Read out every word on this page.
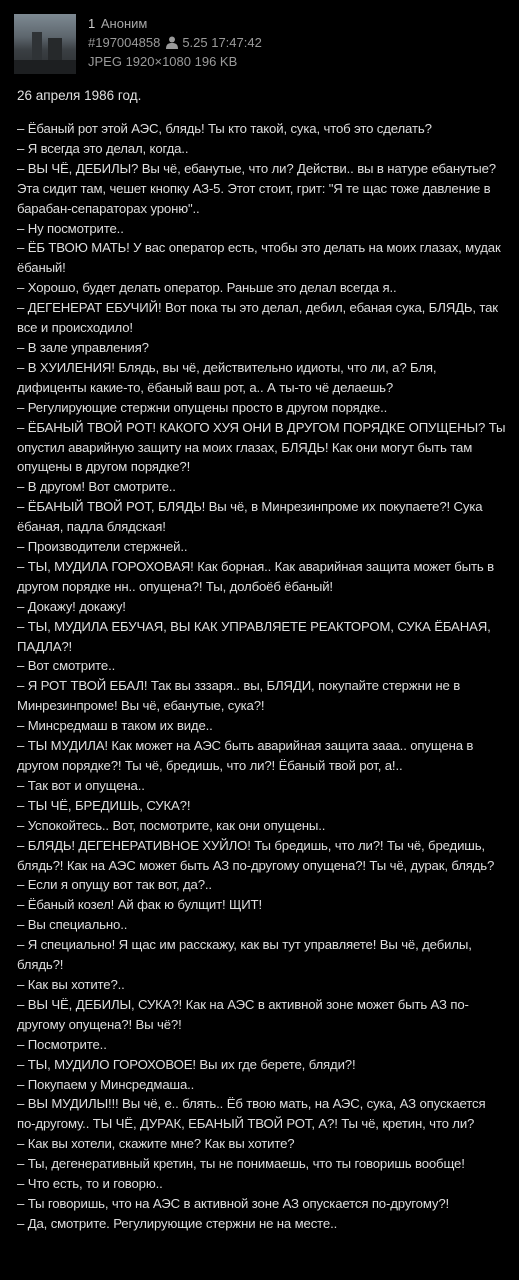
1 Аноним
#197004858 5.25 17:47:42
JPEG 1920×1080 196 KB
26 апреля 1986 год.

– Ёбаный рот этой АЭС, блядь! Ты кто такой, сука, чтоб это сделать?

– Я всегда это делал, когда..

– ВЫ ЧЁ, ДЕБИЛЫ? Вы чё, ебанутые, что ли? Действи.. вы в натуре ебанутые? Эта сидит там, чешет кнопку АЗ-5. Этот стоит, грит: "Я те щас тоже давление в барабан-сепараторах уроню"..

– Ну посмотрите..

– ЁБ ТВОЮ МАТЬ! У вас оператор есть, чтобы это делать на моих глазах, мудак ёбаный!

– Хорошо, будет делать оператор. Раньше это делал всегда я..

– ДЕГЕНЕРАТ ЕБУЧИЙ! Вот пока ты это делал, дебил, ебаная сука, БЛЯДЬ, так все и происходило!

– В зале управления?

– В ХУИЛЕНИЯ! Блядь, вы чё, действительно идиоты, что ли, а? Бля, дифиценты какие-то, ёбаный ваш рот, а.. А ты-то чё делаешь?

– Регулирующие стержни опущены просто в другом порядке..

– ЁБАНЫЙ ТВОЙ РОТ! КАКОГО ХУЯ ОНИ В ДРУГОМ ПОРЯДКЕ ОПУЩЕНЫ? Ты опустил аварийную защиту на моих глазах, БЛЯДЬ! Как они могут быть там опущены в другом порядке?!

– В другом! Вот смотрите..

– ЁБАНЫЙ ТВОЙ РОТ, БЛЯДЬ! Вы чё, в Минрезинпроме их покупаете?! Сука ёбаная, падла блядская!

– Производители стержней..

– ТЫ, МУДИЛА ГОРОХОВАЯ! Как борная.. Как аварийная защита может быть в другом порядке нн.. опущена?! Ты, долбоёб ёбаный!

– Докажу! докажу!

– ТЫ, МУДИЛА ЕБУЧАЯ, ВЫ КАК УПРАВЛЯЕТЕ РЕАКТОРОМ, СУКА ЁБАНАЯ, ПАДЛА?!

– Вот смотрите..

– Я РОТ ТВОЙ ЕБАЛ! Так вы зззаря.. вы, БЛЯДИ, покупайте стержни не в Минрезинпроме! Вы чё, ебанутые, сука?!

– Минсредмаш в таком их виде..

– ТЫ МУДИЛА! Как может на АЭС быть аварийная защита зааа.. опущена в другом порядке?! Ты чё, бредишь, что ли?! Ёбаный твой рот, а!..

– Так вот и опущена..

– ТЫ ЧЁ, БРЕДИШЬ, СУКА?!

– Успокойтесь.. Вот, посмотрите, как они опущены..

– БЛЯДЬ! ДЕГЕНЕРАТИВНОЕ ХУЙЛО! Ты бредишь, что ли?! Ты чё, бредишь, блядь?! Как на АЭС может быть АЗ по-другому опущена?! Ты чё, дурак, блядь?

– Если я опущу вот так вот, да?..

– Ёбаный козел! Ай фак ю булщит! ЩИТ!

– Вы специально..

– Я специально! Я щас им расскажу, как вы тут управляете! Вы чё, дебилы, блядь?!

– Как вы хотите?..

– ВЫ ЧЁ, ДЕБИЛЫ, СУКА?! Как на АЭС в активной зоне может быть АЗ по-другому опущена?! Вы чё?!

– Посмотрите..

– ТЫ, МУДИЛО ГОРОХОВОЕ! Вы их где берете, бляди?!

– Покупаем у Минсредмаша..

– ВЫ МУДИЛЫ!!! Вы чё, е.. блять.. Ёб твою мать, на АЭС, сука, АЗ опускается по-другому.. ТЫ ЧЁ, ДУРАК, ЕБАНЫЙ ТВОЙ РОТ, А?! Ты чё, кретин, что ли?

– Как вы хотели, скажите мне? Как вы хотите?

– Ты, дегенеративный кретин, ты не понимаешь, что ты говоришь вообще!

– Что есть, то и говорю..

– Ты говоришь, что на АЭС в активной зоне АЗ опускается по-другому?!

– Да, смотрите. Регулирующие стержни не на месте..
